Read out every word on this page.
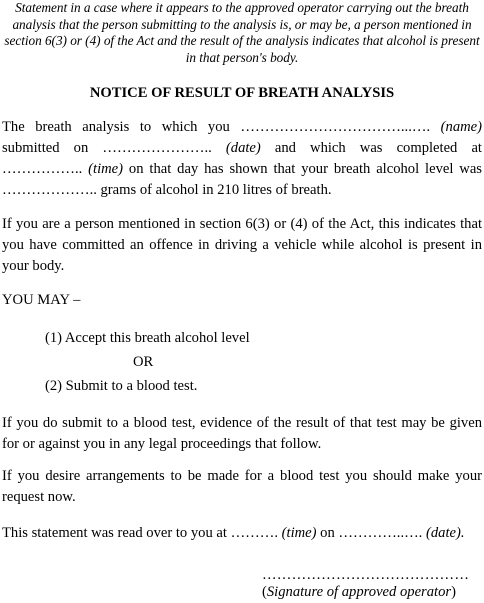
Statement in a case where it appears to the approved operator carrying out the breath analysis that the person submitting to the analysis is, or may be, a person mentioned in section 6(3) or (4) of the Act and the result of the analysis indicates that alcohol is present in that person's body.

NOTICE OF RESULT OF BREATH ANALYSIS

The breath analysis to which you ……………………………...…. (name) submitted on ………………….. (date) and which was completed at …………….. (time) on that day has shown that your breath alcohol level was ……………….. grams of alcohol in 210 litres of breath.

If you are a person mentioned in section 6(3) or (4) of the Act, this indicates that you have committed an offence in driving a vehicle while alcohol is present in your body.

YOU MAY –

(1) Accept this breath alcohol level

OR

(2) Submit to a blood test.

If you do submit to a blood test, evidence of the result of that test may be given for or against you in any legal proceedings that follow.

If you desire arrangements to be made for a blood test you should make your request now.

This statement was read over to you at ………. (time) on …………..…. (date).

……………………………………
(Signature of approved operator)
